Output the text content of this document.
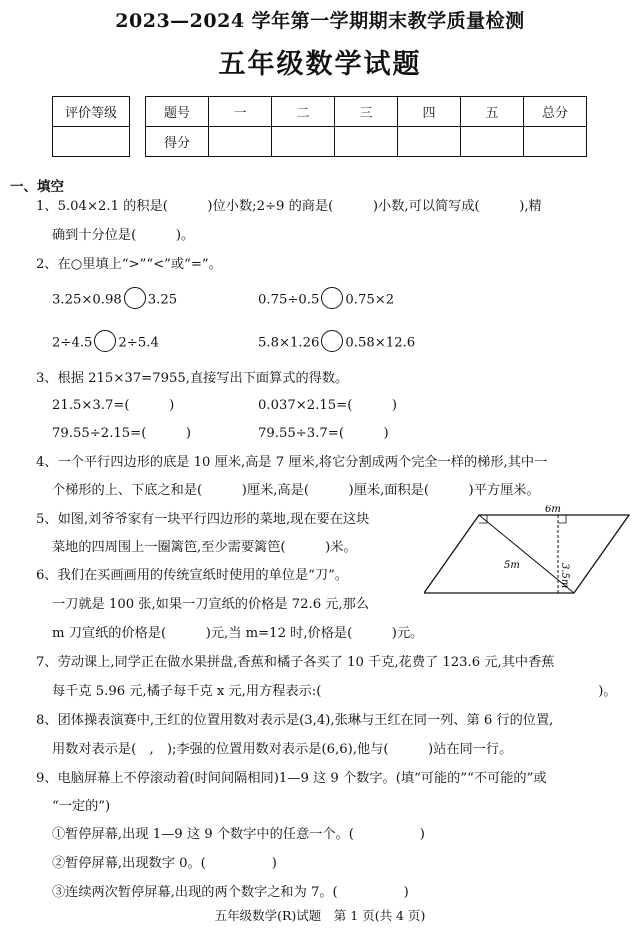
2023—2024 学年第一学期期末教学质量检测
五年级数学试题
评价等级	题号	一	二	三	四	五	总分
得分						
一、填空
1、5.04×2.1 的积是(　　　)位小数;2÷9 的商是(　　　)小数,可以简写成(　　　),精
确到十分位是(　　　)。
2、在○里填上“>”“<”或“=”。
3.25×0.98 3.25	0.75÷0.5 0.75×2
2÷4.5 2÷5.4	5.8×1.26 0.58×12.6
3、根据 215×37=7955,直接写出下面算式的得数。
21.5×3.7=(　　　)	0.037×2.15=(　　　)
79.55÷2.15=(　　　)	79.55÷3.7=(　　　)
4、一个平行四边形的底是 10 厘米,高是 7 厘米,将它分割成两个完全一样的梯形,其中一
个梯形的上、下底之和是(　　　)厘米,高是(　　　)厘米,面积是(　　　)平方厘米。
5、如图,刘爷爷家有一块平行四边形的菜地,现在要在这块
菜地的四周围上一圈篱笆,至少需要篱笆(　　　)米。
6m
5m	3.5m
6、我们在买画画用的传统宣纸时使用的单位是“刀”。
一刀就是 100 张,如果一刀宣纸的价格是 72.6 元,那么
m 刀宣纸的价格是(　　　)元,当 m=12 时,价格是(　　　)元。
7、劳动课上,同学正在做水果拼盘,香蕉和橘子各买了 10 千克,花费了 123.6 元,其中香蕉
每千克 5.96 元,橘子每千克 x 元,用方程表示:(　　　　　　　　　　　　　　　　　　　　　)。
8、团体操表演赛中,王红的位置用数对表示是(3,4),张琳与王红在同一列、第 6 行的位置,
用数对表示是(　,　);李强的位置用数对表示是(6,6),他与(　　　)站在同一行。
9、电脑屏幕上不停滚动着(时间间隔相同)1—9 这 9 个数字。(填“可能的”“不可能的”或
“一定的”)
①暂停屏幕,出现 1—9 这 9 个数字中的任意一个。(　　　　　)
②暂停屏幕,出现数字 0。(　　　　　)
③连续两次暂停屏幕,出现的两个数字之和为 7。(　　　　　)
五年级数学(R)试题　第 1 页(共 4 页)
